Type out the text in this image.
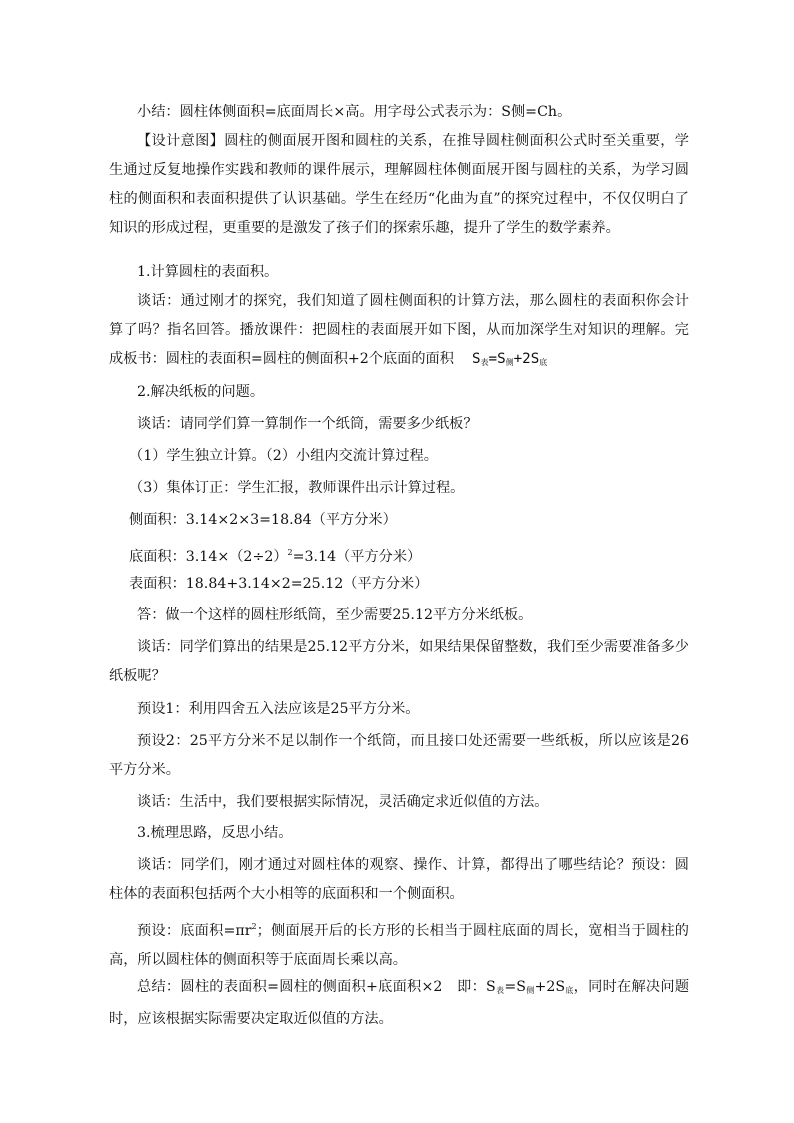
小结：圆柱体侧面积=底面周长×高。用字母公式表示为：S侧=Ch。

【设计意图】圆柱的侧面展开图和圆柱的关系，在推导圆柱侧面积公式时至关重要，学生通过反复地操作实践和教师的课件展示，理解圆柱体侧面展开图与圆柱的关系，为学习圆柱的侧面积和表面积提供了认识基础。学生在经历“化曲为直”的探究过程中，不仅仅明白了知识的形成过程，更重要的是激发了孩子们的探索乐趣，提升了学生的数学素养。

1.计算圆柱的表面积。

谈话：通过刚才的探究，我们知道了圆柱侧面积的计算方法，那么圆柱的表面积你会计算了吗？指名回答。播放课件：把圆柱的表面展开如下图，从而加深学生对知识的理解。完成板书：圆柱的表面积=圆柱的侧面积+2个底面的面积 $S_表=S_侧+2S_底$

2.解决纸板的问题。

谈话：请同学们算一算制作一个纸筒，需要多少纸板？

（1）学生独立计算。（2）小组内交流计算过程。

（3）集体订正：学生汇报，教师课件出示计算过程。

侧面积：3.14×2×3=18.84（平方分米）

底面积：$3.14\times(2\div 2)^2=3.14$（平方分米）

表面积：18.84+3.14×2=25.12（平方分米）

答：做一个这样的圆柱形纸筒，至少需要25.12平方分米纸板。

谈话：同学们算出的结果是25.12平方分米，如果结果保留整数，我们至少需要准备多少纸板呢？

预设1：利用四舍五入法应该是25平方分米。

预设2：25平方分米不足以制作一个纸筒，而且接口处还需要一些纸板，所以应该是26平方分米。

谈话：生活中，我们要根据实际情况，灵活确定求近似值的方法。

3.梳理思路，反思小结。

谈话：同学们，刚才通过对圆柱体的观察、操作、计算，都得出了哪些结论？预设：圆柱体的表面积包括两个大小相等的底面积和一个侧面积。

预设：底面积$=\pi r^2$；侧面展开后的长方形的长相当于圆柱底面的周长，宽相当于圆柱的高，所以圆柱体的侧面积等于底面周长乘以高。

总结：圆柱的表面积=圆柱的侧面积+底面积×2　即：$S_表=S_侧+2S_底$，同时在解决问题时，应该根据实际需要决定取近似值的方法。
